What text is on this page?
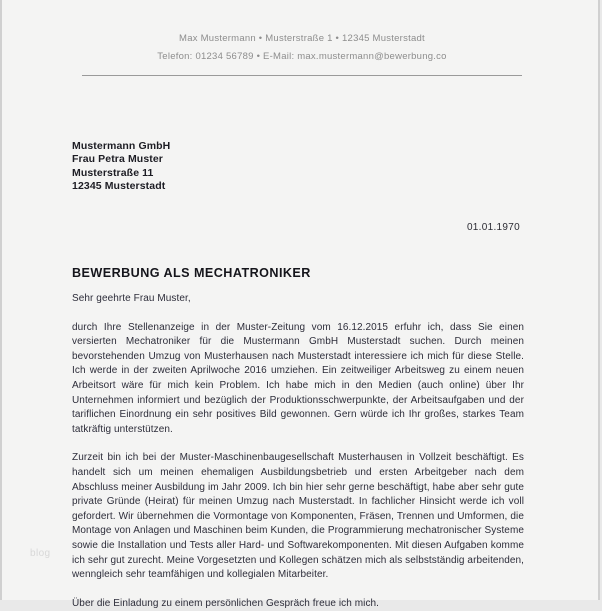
Max Mustermann • Musterstraße 1 • 12345 Musterstadt
Telefon: 01234 56789 • E-Mail: max.mustermann@bewerbung.co
Mustermann GmbH
Frau Petra Muster
Musterstraße 11
12345 Musterstadt
01.01.1970
BEWERBUNG ALS MECHATRONIKER
Sehr geehrte Frau Muster,
durch Ihre Stellenanzeige in der Muster-Zeitung vom 16.12.2015 erfuhr ich, dass Sie einen versierten Mechatroniker für die Mustermann GmbH Musterstadt suchen. Durch meinen bevorstehenden Umzug von Musterhausen nach Musterstadt interessiere ich mich für diese Stelle. Ich werde in der zweiten Aprilwoche 2016 umziehen. Ein zeitweiliger Arbeitsweg zu einem neuen Arbeitsort wäre für mich kein Problem. Ich habe mich in den Medien (auch online) über Ihr Unternehmen informiert und bezüglich der Produktionsschwerpunkte, der Arbeitsaufgaben und der tariflichen Einordnung ein sehr positives Bild gewonnen. Gern würde ich Ihr großes, starkes Team tatkräftig unterstützen.
Zurzeit bin ich bei der Muster-Maschinenbaugesellschaft Musterhausen in Vollzeit beschäftigt. Es handelt sich um meinen ehemaligen Ausbildungsbetrieb und ersten Arbeitgeber nach dem Abschluss meiner Ausbildung im Jahr 2009. Ich bin hier sehr gerne beschäftigt, habe aber sehr gute private Gründe (Heirat) für meinen Umzug nach Musterstadt. In fachlicher Hinsicht werde ich voll gefordert. Wir übernehmen die Vormontage von Komponenten, Fräsen, Trennen und Umformen, die Montage von Anlagen und Maschinen beim Kunden, die Programmierung mechatronischer Systeme sowie die Installation und Tests aller Hard- und Softwarekomponenten. Mit diesen Aufgaben komme ich sehr gut zurecht. Meine Vorgesetzten und Kollegen schätzen mich als selbstständig arbeitenden, wenngleich sehr teamfähigen und kollegialen Mitarbeiter.
Über die Einladung zu einem persönlichen Gespräch freue ich mich.
blog
